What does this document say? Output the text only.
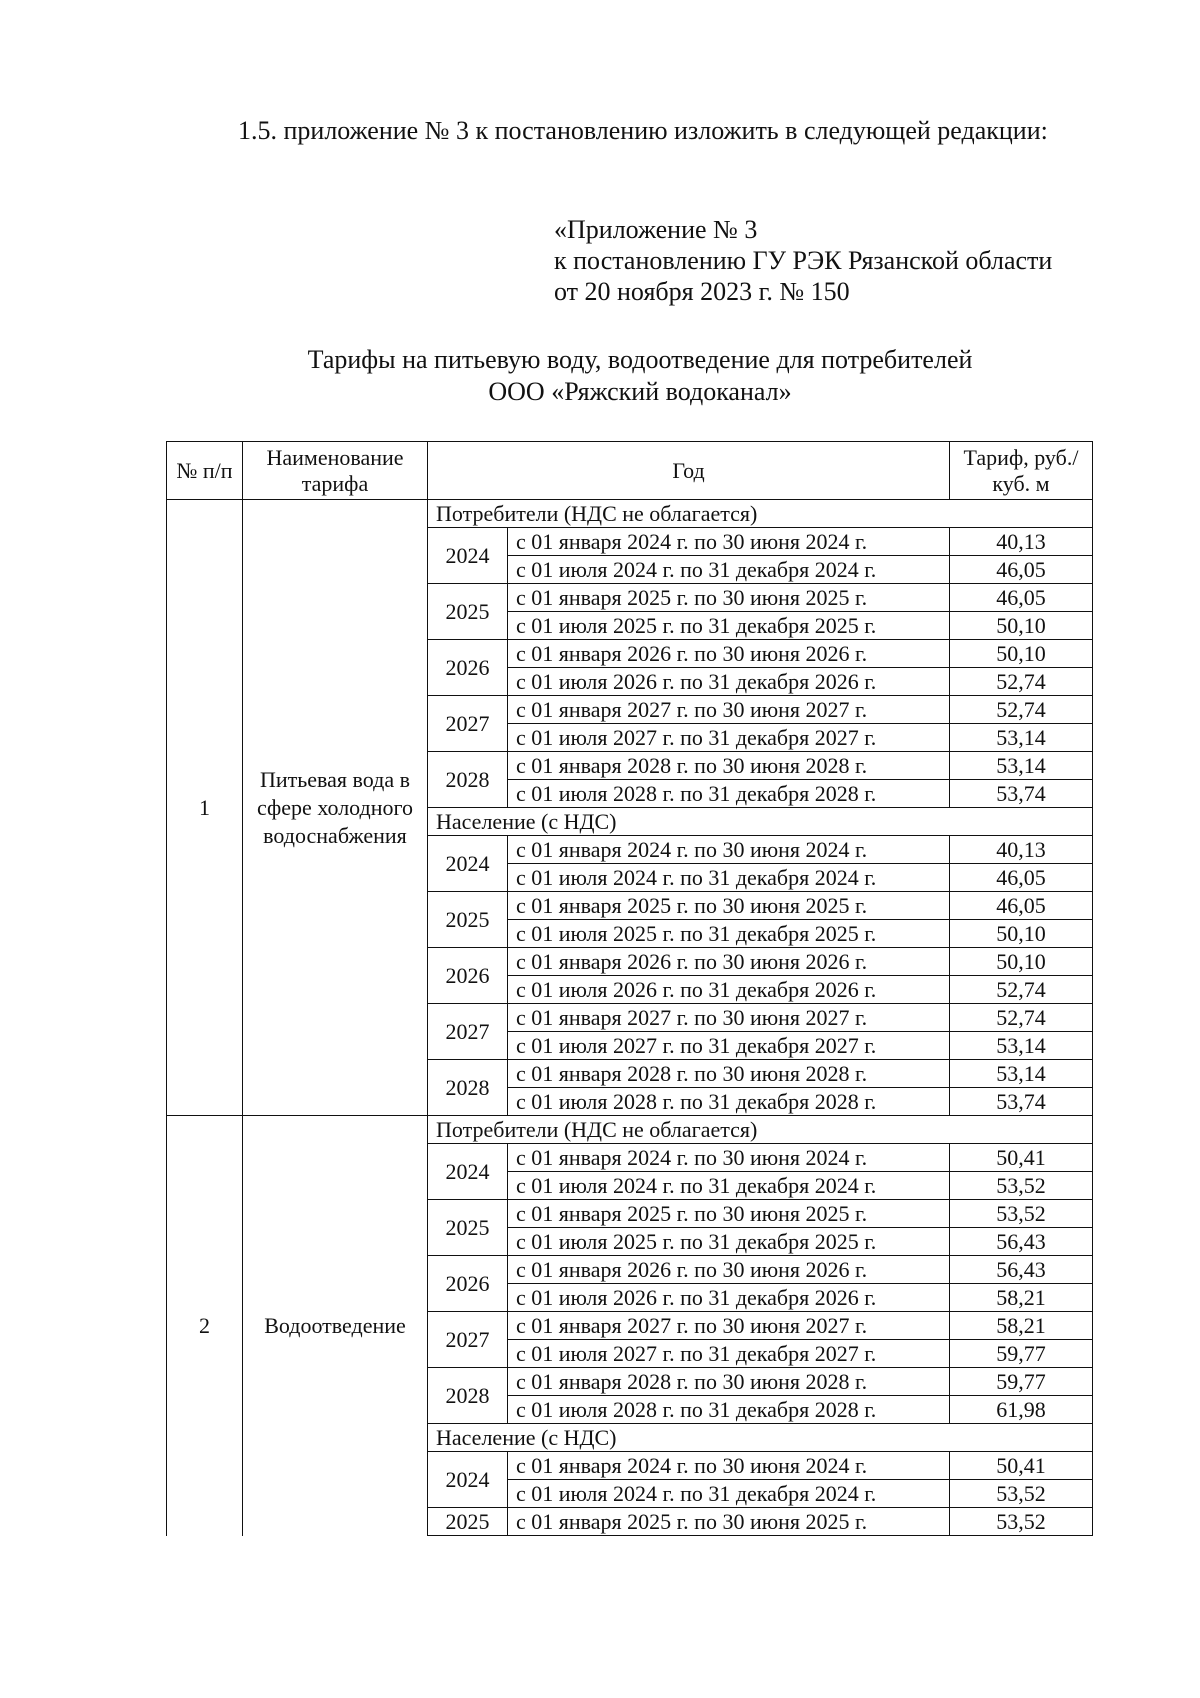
1.5. приложение № 3 к постановлению изложить в следующей редакции:
«Приложение № 3
к постановлению ГУ РЭК Рязанской области
от 20 ноября 2023 г. № 150
Тарифы на питьевую воду, водоотведение для потребителей
ООО «Ряжский водоканал»
№ п/п	Наименование тарифа	Год		Тариф, руб./куб. м
1	Питьевая вода в сфере холодного водоснабжения	Потребители (НДС не облагается)		
		2024	с 01 января 2024 г. по 30 июня 2024 г.	40,13
			с 01 июля 2024 г. по 31 декабря 2024 г.	46,05
		2025	с 01 января 2025 г. по 30 июня 2025 г.	46,05
			с 01 июля 2025 г. по 31 декабря 2025 г.	50,10
		2026	с 01 января 2026 г. по 30 июня 2026 г.	50,10
			с 01 июля 2026 г. по 31 декабря 2026 г.	52,74
		2027	с 01 января 2027 г. по 30 июня 2027 г.	52,74
			с 01 июля 2027 г. по 31 декабря 2027 г.	53,14
		2028	с 01 января 2028 г. по 30 июня 2028 г.	53,14
			с 01 июля 2028 г. по 31 декабря 2028 г.	53,74
		Население (с НДС)		
		2024	с 01 января 2024 г. по 30 июня 2024 г.	40,13
			с 01 июля 2024 г. по 31 декабря 2024 г.	46,05
		2025	с 01 января 2025 г. по 30 июня 2025 г.	46,05
			с 01 июля 2025 г. по 31 декабря 2025 г.	50,10
		2026	с 01 января 2026 г. по 30 июня 2026 г.	50,10
			с 01 июля 2026 г. по 31 декабря 2026 г.	52,74
		2027	с 01 января 2027 г. по 30 июня 2027 г.	52,74
			с 01 июля 2027 г. по 31 декабря 2027 г.	53,14
		2028	с 01 января 2028 г. по 30 июня 2028 г.	53,14
			с 01 июля 2028 г. по 31 декабря 2028 г.	53,74
2	Водоотведение	Потребители (НДС не облагается)		
		2024	с 01 января 2024 г. по 30 июня 2024 г.	50,41
			с 01 июля 2024 г. по 31 декабря 2024 г.	53,52
		2025	с 01 января 2025 г. по 30 июня 2025 г.	53,52
			с 01 июля 2025 г. по 31 декабря 2025 г.	56,43
		2026	с 01 января 2026 г. по 30 июня 2026 г.	56,43
			с 01 июля 2026 г. по 31 декабря 2026 г.	58,21
		2027	с 01 января 2027 г. по 30 июня 2027 г.	58,21
			с 01 июля 2027 г. по 31 декабря 2027 г.	59,77
		2028	с 01 января 2028 г. по 30 июня 2028 г.	59,77
			с 01 июля 2028 г. по 31 декабря 2028 г.	61,98
		Население (с НДС)		
		2024	с 01 января 2024 г. по 30 июня 2024 г.	50,41
			с 01 июля 2024 г. по 31 декабря 2024 г.	53,52
		2025	с 01 января 2025 г. по 30 июня 2025 г.	53,52
